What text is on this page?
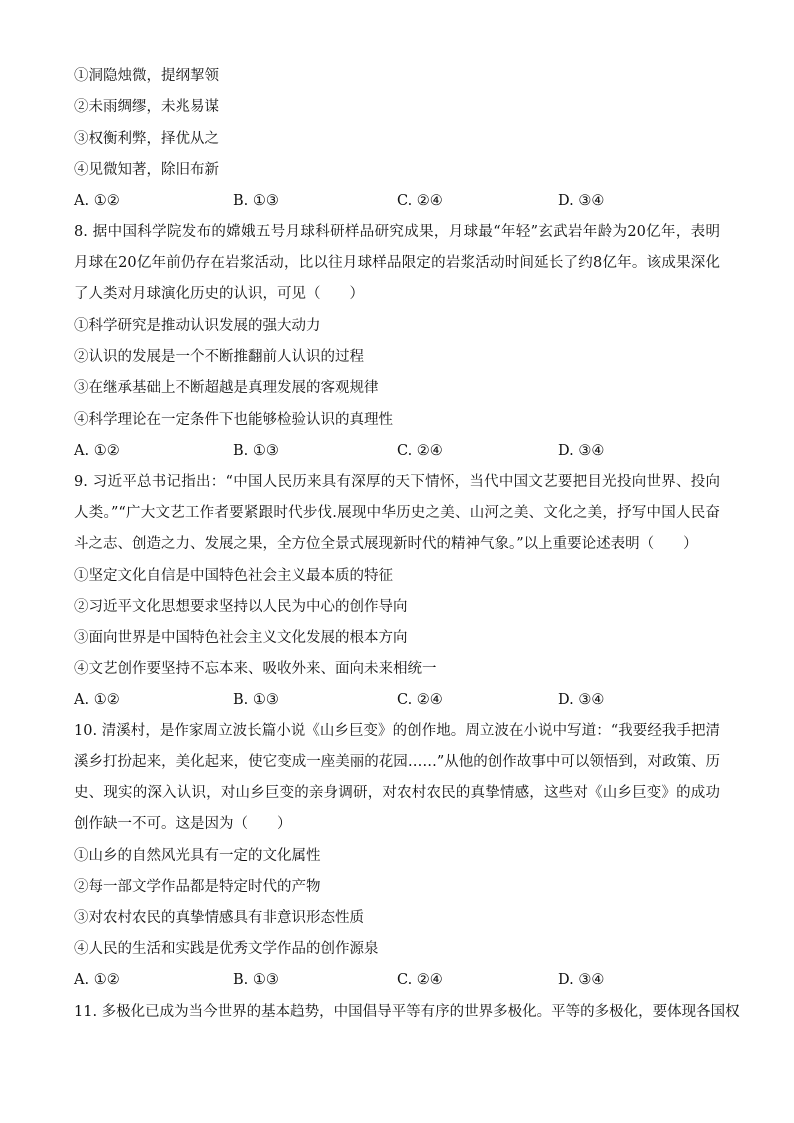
①洞隐烛微，提纲挈领
②未雨绸缪，未兆易谋
③权衡利弊，择优从之
④见微知著，除旧布新
A. ①②	B. ①③	C. ②④	D. ③④
8. 据中国科学院发布的嫦娥五号月球科研样品研究成果，月球最“年轻”玄武岩年龄为20亿年，表明月球在20亿年前仍存在岩浆活动，比以往月球样品限定的岩浆活动时间延长了约8亿年。该成果深化了人类对月球演化历史的认识，可见（　　）
①科学研究是推动认识发展的强大动力
②认识的发展是一个不断推翻前人认识的过程
③在继承基础上不断超越是真理发展的客观规律
④科学理论在一定条件下也能够检验认识的真理性
A. ①②	B. ①③	C. ②④	D. ③④
9. 习近平总书记指出：“中国人民历来具有深厚的天下情怀，当代中国文艺要把目光投向世界、投向人类。”“广大文艺工作者要紧跟时代步伐.展现中华历史之美、山河之美、文化之美，抒写中国人民奋斗之志、创造之力、发展之果，全方位全景式展现新时代的精神气象。”以上重要论述表明（　　）
①坚定文化自信是中国特色社会主义最本质的特征
②习近平文化思想要求坚持以人民为中心的创作导向
③面向世界是中国特色社会主义文化发展的根本方向
④文艺创作要坚持不忘本来、吸收外来、面向未来相统一
A. ①②	B. ①③	C. ②④	D. ③④
10. 清溪村，是作家周立波长篇小说《山乡巨变》的创作地。周立波在小说中写道：“我要经我手把清溪乡打扮起来，美化起来，使它变成一座美丽的花园……”从他的创作故事中可以领悟到，对政策、历史、现实的深入认识，对山乡巨变的亲身调研，对农村农民的真挚情感，这些对《山乡巨变》的成功创作缺一不可。这是因为（　　）
①山乡的自然风光具有一定的文化属性
②每一部文学作品都是特定时代的产物
③对农村农民的真挚情感具有非意识形态性质
④人民的生活和实践是优秀文学作品的创作源泉
A. ①②	B. ①③	C. ②④	D. ③④
11. 多极化已成为当今世界的基本趋势，中国倡导平等有序的世界多极化。平等的多极化，要体现各国权
